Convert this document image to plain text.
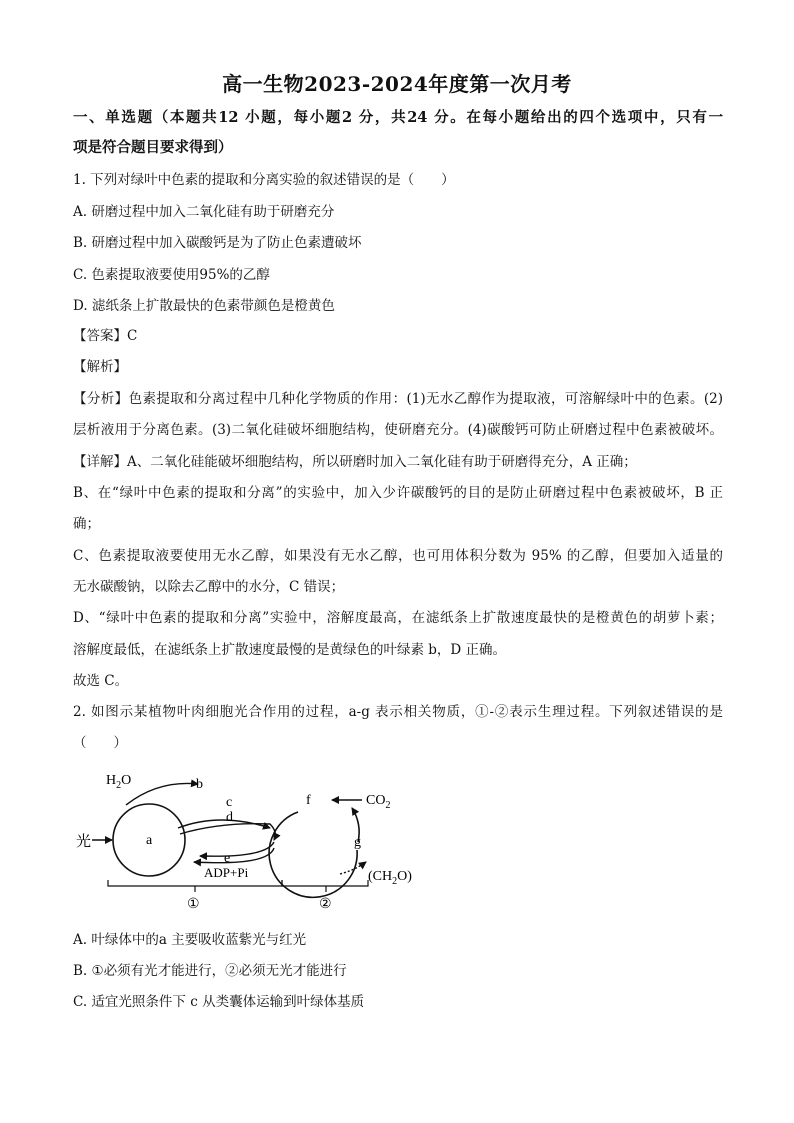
高一生物2023-2024年度第一次月考
一、单选题（本题共12 小题，每小题2 分，共24 分。在每小题给出的四个选项中，只有一
项是符合题目要求得到）
1. 下列对绿叶中色素的提取和分离实验的叙述错误的是（　　）
A. 研磨过程中加入二氧化硅有助于研磨充分
B. 研磨过程中加入碳酸钙是为了防止色素遭破坏
C. 色素提取液要使用95%的乙醇
D. 滤纸条上扩散最快的色素带颜色是橙黄色
【答案】C
【解析】
【分析】色素提取和分离过程中几种化学物质的作用：(1)无水乙醇作为提取液，可溶解绿叶中的色素。(2)
层析液用于分离色素。(3)二氧化硅破坏细胞结构，使研磨充分。(4)碳酸钙可防止研磨过程中色素被破坏。
【详解】A、二氧化硅能破坏细胞结构，所以研磨时加入二氧化硅有助于研磨得充分，A 正确；
B、在“绿叶中色素的提取和分离”的实验中，加入少许碳酸钙的目的是防止研磨过程中色素被破坏，B 正
确；
C、色素提取液要使用无水乙醇，如果没有无水乙醇，也可用体积分数为 95% 的乙醇，但要加入适量的
无水碳酸钠，以除去乙醇中的水分，C 错误；
D、“绿叶中色素的提取和分离”实验中，溶解度最高，在滤纸条上扩散速度最快的是橙黄色的胡萝卜素；
溶解度最低，在滤纸条上扩散速度最慢的是黄绿色的叶绿素 b，D 正确。
故选 C。
2. 如图示某植物叶肉细胞光合作用的过程，a-g 表示相关物质，①-②表示生理过程。下列叙述错误的是
（　　）
$H_2O$	b
c
d
光	a
e
ADP+Pi
f	$CO_2$
g
$(CH_2O)$
①	②
A. 叶绿体中的a 主要吸收蓝紫光与红光
B. ①必须有光才能进行，②必须无光才能进行
C. 适宜光照条件下 c 从类囊体运输到叶绿体基质
